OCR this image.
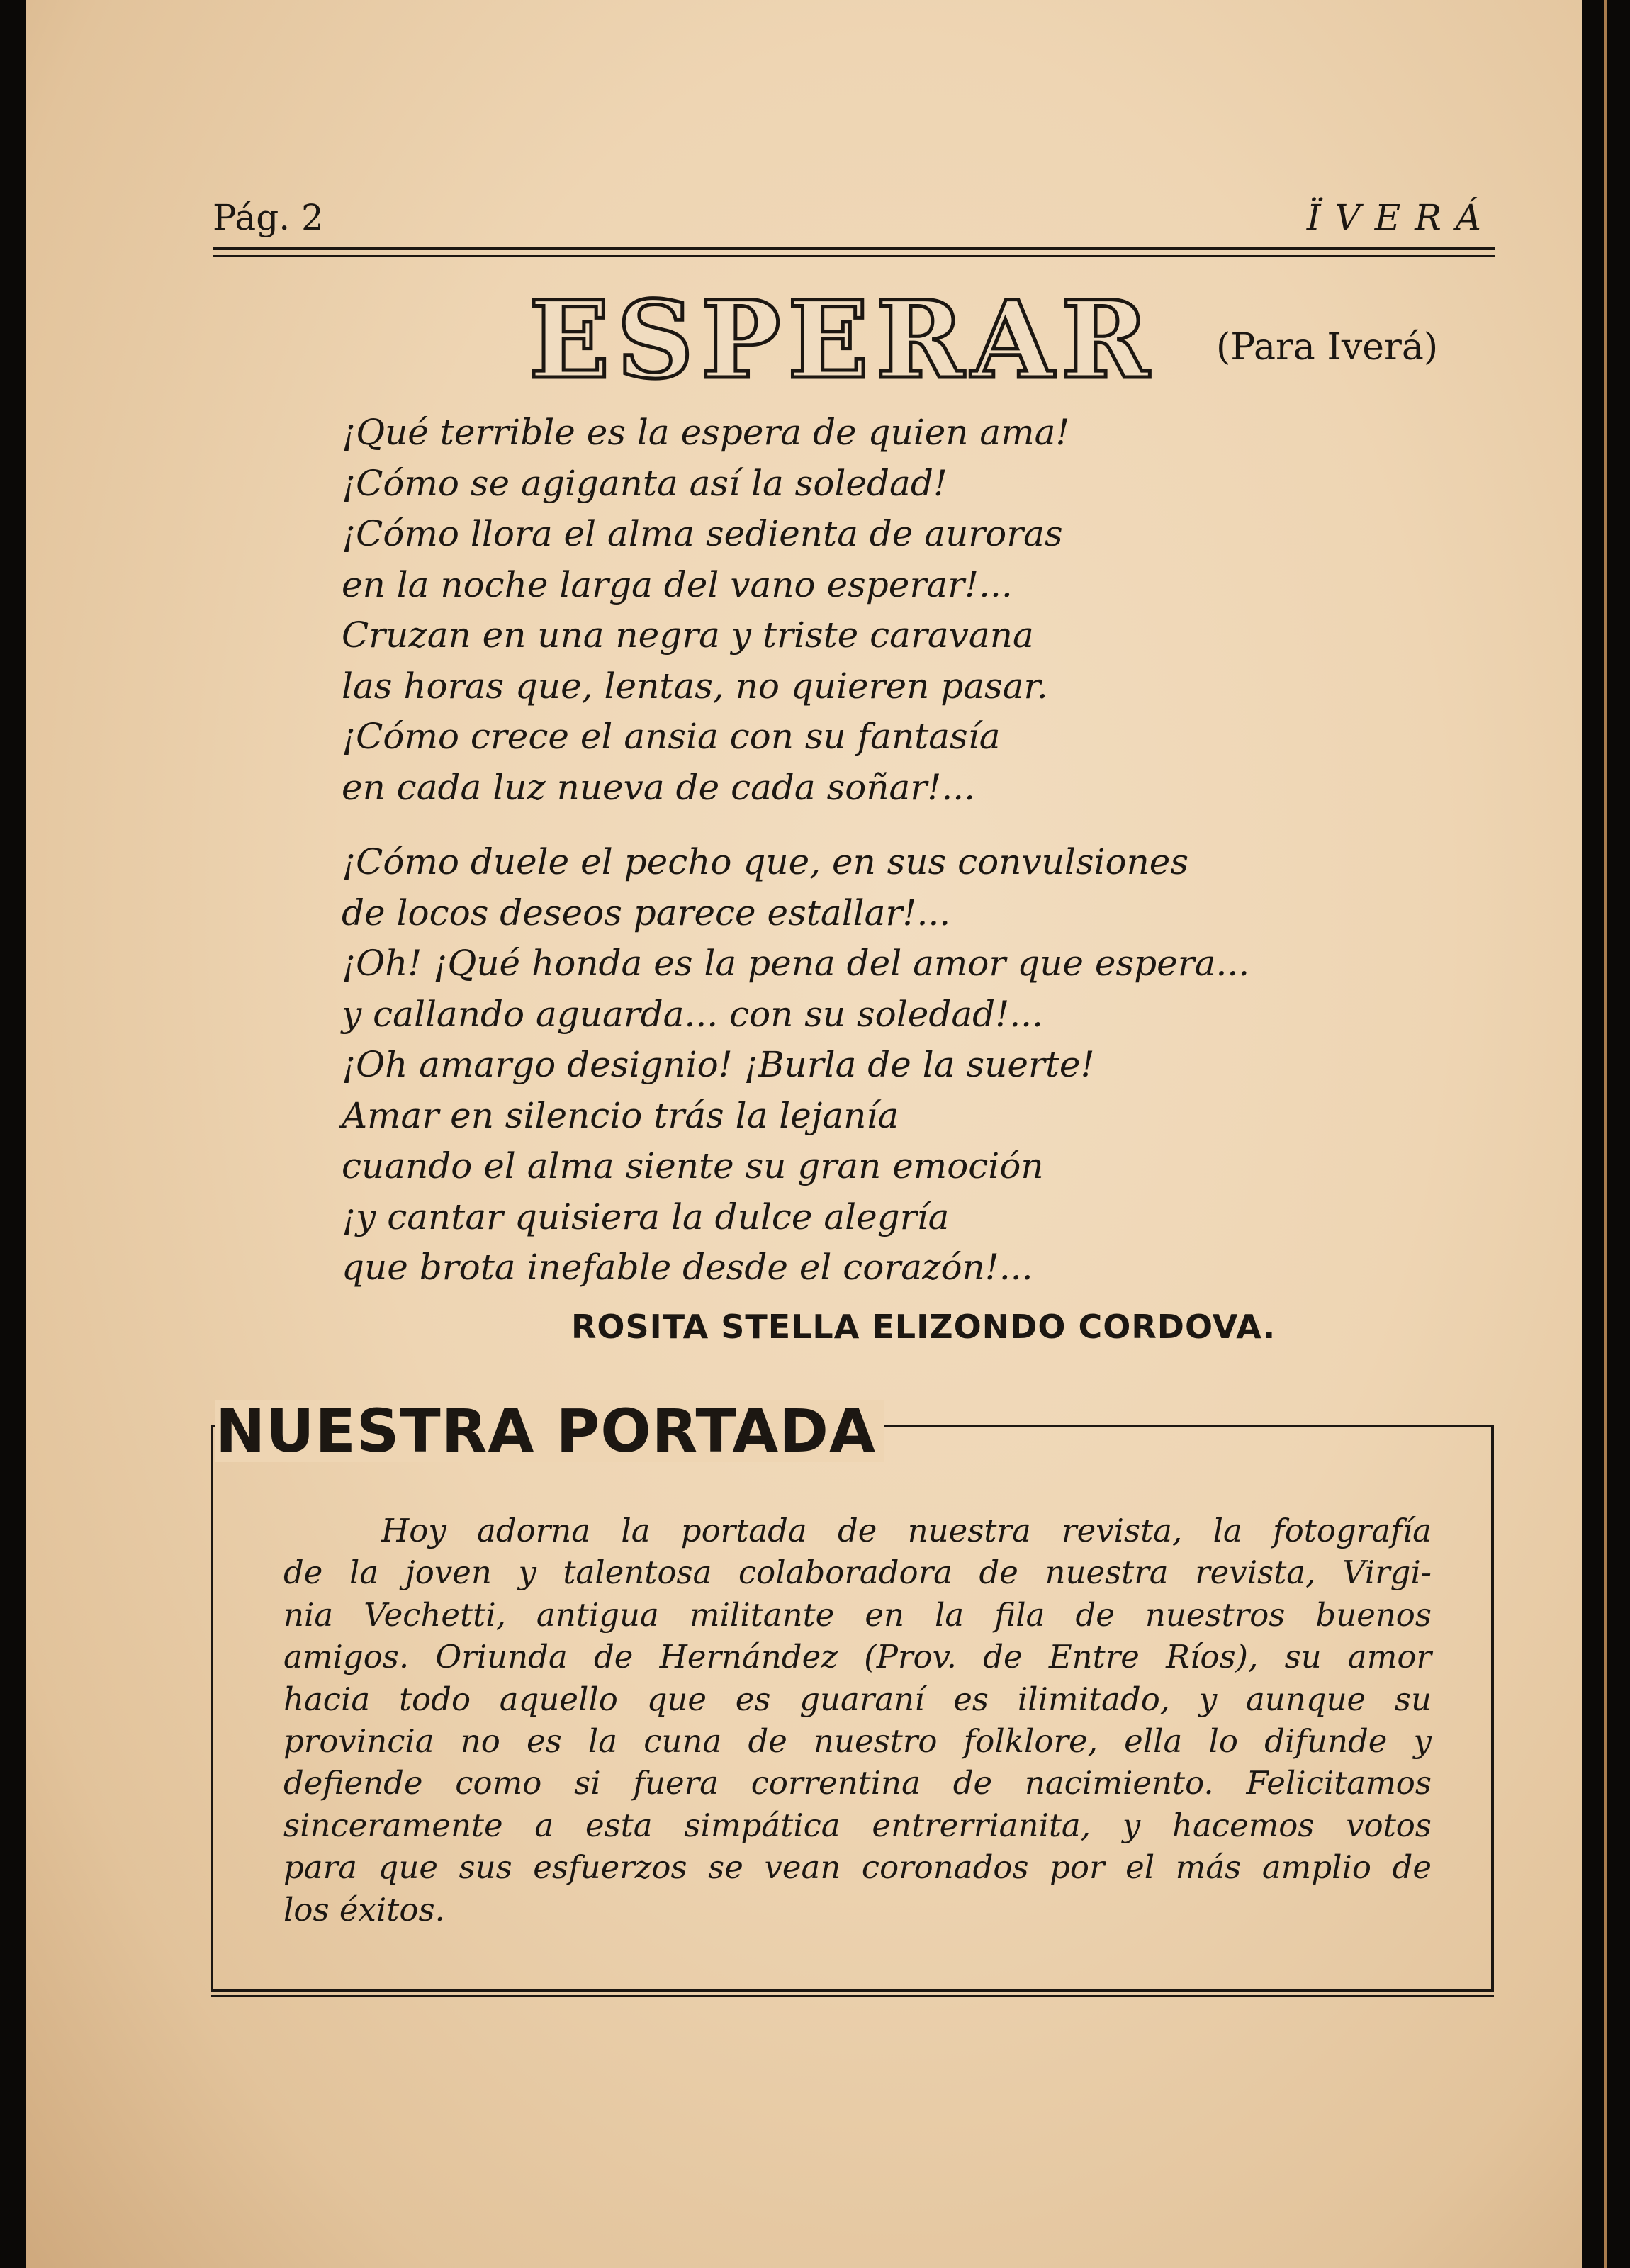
Pág. 2	ÏVERÁ
ESPERAR (Para Iverá)
¡Qué terrible es la espera de quien ama!
¡Cómo se agiganta así la soledad!
¡Cómo llora el alma sedienta de auroras
en la noche larga del vano esperar!...
Cruzan en una negra y triste caravana
las horas que, lentas, no quieren pasar.
¡Cómo crece el ansia con su fantasía
en cada luz nueva de cada soñar!...
¡Cómo duele el pecho que, en sus convulsiones
de locos deseos parece estallar!...
¡Oh! ¡Qué honda es la pena del amor que espera...
y callando aguarda... con su soledad!...
¡Oh amargo designio! ¡Burla de la suerte!
Amar en silencio trás la lejanía
cuando el alma siente su gran emoción
¡y cantar quisiera la dulce alegría
que brota inefable desde el corazón!...
ROSITA STELLA ELIZONDO CORDOVA.
NUESTRA PORTADA
Hoy adorna la portada de nuestra revista, la fotografía
de la joven y talentosa colaboradora de nuestra revista, Virgi-
nia Vechetti, antigua militante en la fila de nuestros buenos
amigos. Oriunda de Hernández (Prov. de Entre Ríos), su amor
hacia todo aquello que es guaraní es ilimitado, y aunque su
provincia no es la cuna de nuestro folklore, ella lo difunde y
defiende como si fuera correntina de nacimiento. Felicitamos
sinceramente a esta simpática entrerrianita, y hacemos votos
para que sus esfuerzos se vean coronados por el más amplio de
los éxitos.
